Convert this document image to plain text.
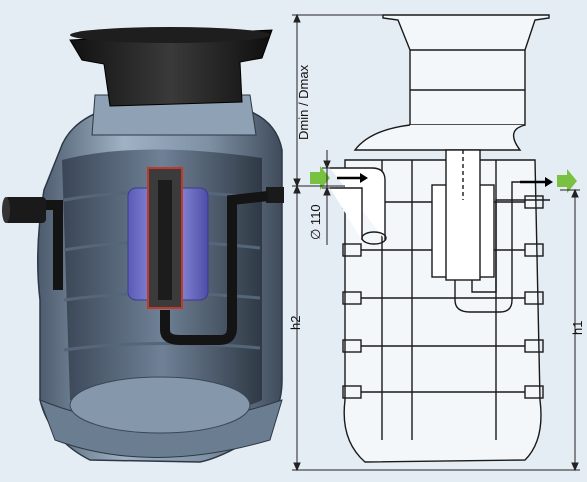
Dmin / Dmax
∅ 110
h2	h1
